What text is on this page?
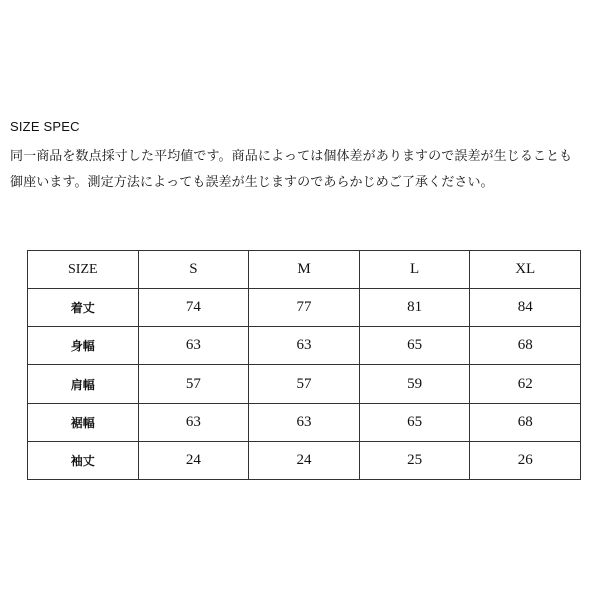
SIZE SPEC
同一商品を数点採寸した平均値です。商品によっては個体差がありますので誤差が生じることも
御座います。測定方法によっても誤差が生じますのであらかじめご了承ください。
SIZE	S	M	L	XL
着丈	74	77	81	84
身幅	63	63	65	68
肩幅	57	57	59	62
裾幅	63	63	65	68
袖丈	24	24	25	26
